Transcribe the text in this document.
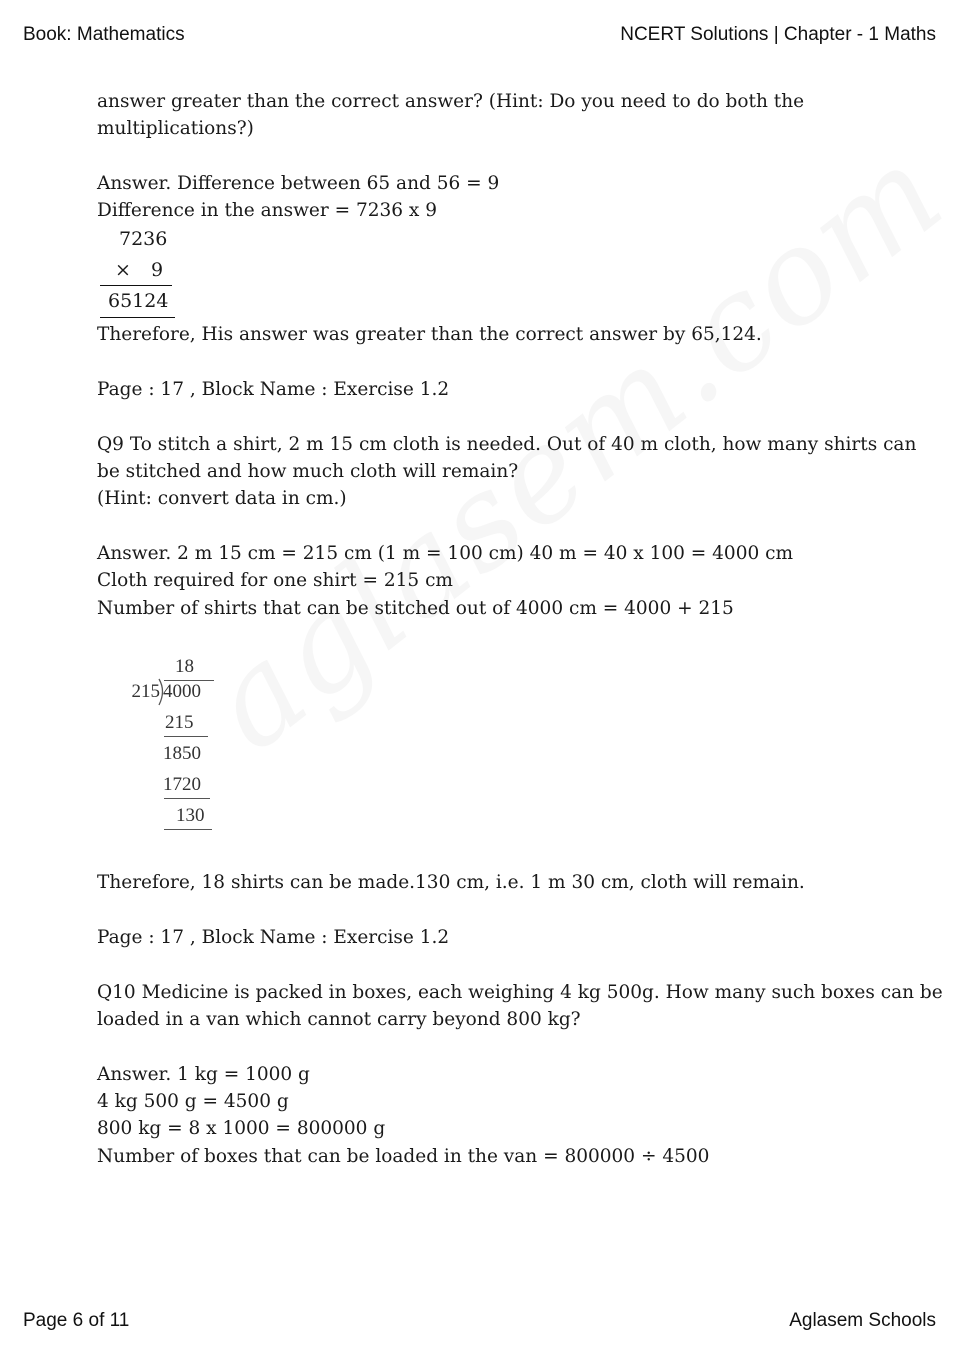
Book: Mathematics	NCERT Solutions | Chapter - 1 Maths
answer greater than the correct answer? (Hint: Do you need to do both the
multiplications?)
Answer. Difference between 65 and 56 = 9
Difference in the answer = 7236 x 9
7236
× 9
65124
Therefore, His answer was greater than the correct answer by 65,124.
Page : 17 , Block Name : Exercise 1.2
Q9 To stitch a shirt, 2 m 15 cm cloth is needed. Out of 40 m cloth, how many shirts can
be stitched and how much cloth will remain?
(Hint: convert data in cm.)
Answer. 2 m 15 cm = 215 cm (1 m = 100 cm) 40 m = 40 x 100 = 4000 cm
Cloth required for one shirt = 215 cm
Number of shirts that can be stitched out of 4000 cm = 4000 + 215
18
215 4000
215
1850
1720
130
Therefore, 18 shirts can be made.130 cm, i.e. 1 m 30 cm, cloth will remain.
Page : 17 , Block Name : Exercise 1.2
Q10 Medicine is packed in boxes, each weighing 4 kg 500g. How many such boxes can be
loaded in a van which cannot carry beyond 800 kg?
Answer. 1 kg = 1000 g
4 kg 500 g = 4500 g
800 kg = 8 x 1000 = 800000 g
Number of boxes that can be loaded in the van = 800000 ÷ 4500
Page 6 of 11	Aglasem Schools
